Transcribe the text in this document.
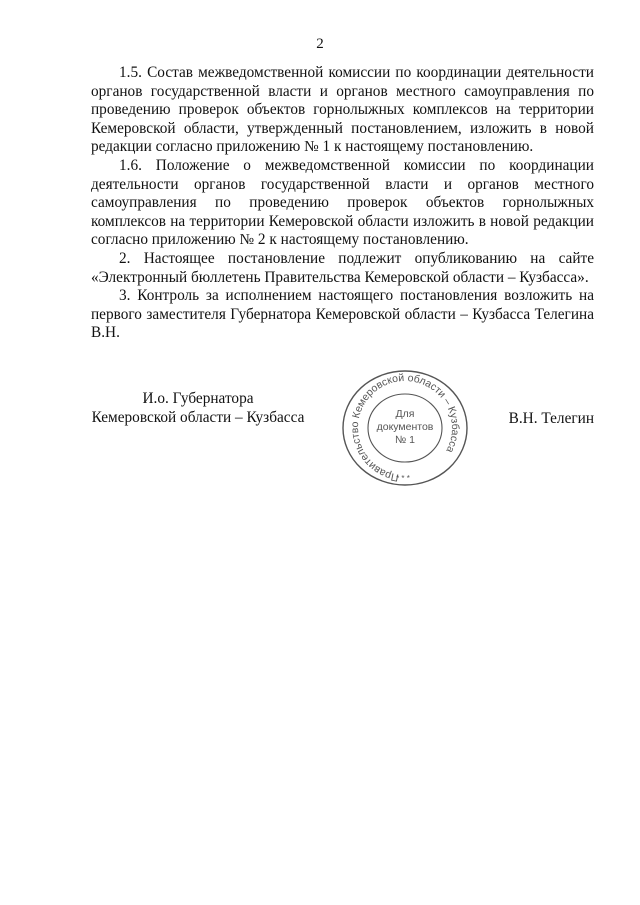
2

1.5. Состав межведомственной комиссии по координации деятельности органов государственной власти и органов местного самоуправления по проведению проверок объектов горнолыжных комплексов на территории Кемеровской области, утвержденный постановлением, изложить в новой редакции согласно приложению № 1 к настоящему постановлению.

1.6. Положение о межведомственной комиссии по координации деятельности органов государственной власти и органов местного самоуправления по проведению проверок объектов горнолыжных комплексов на территории Кемеровской области изложить в новой редакции согласно приложению № 2 к настоящему постановлению.

2. Настоящее постановление подлежит опубликованию на сайте «Электронный бюллетень Правительства Кемеровской области – Кузбасса».

3. Контроль за исполнением настоящего постановления возложить на первого заместителя Губернатора Кемеровской области – Кузбасса Телегина В.Н.

И.о. Губернатора
Кемеровской области – Кузбасса
Правительство Кемеровской области – Кузбасса
Для
документов
№ 1
* * *
В.Н. Телегин
